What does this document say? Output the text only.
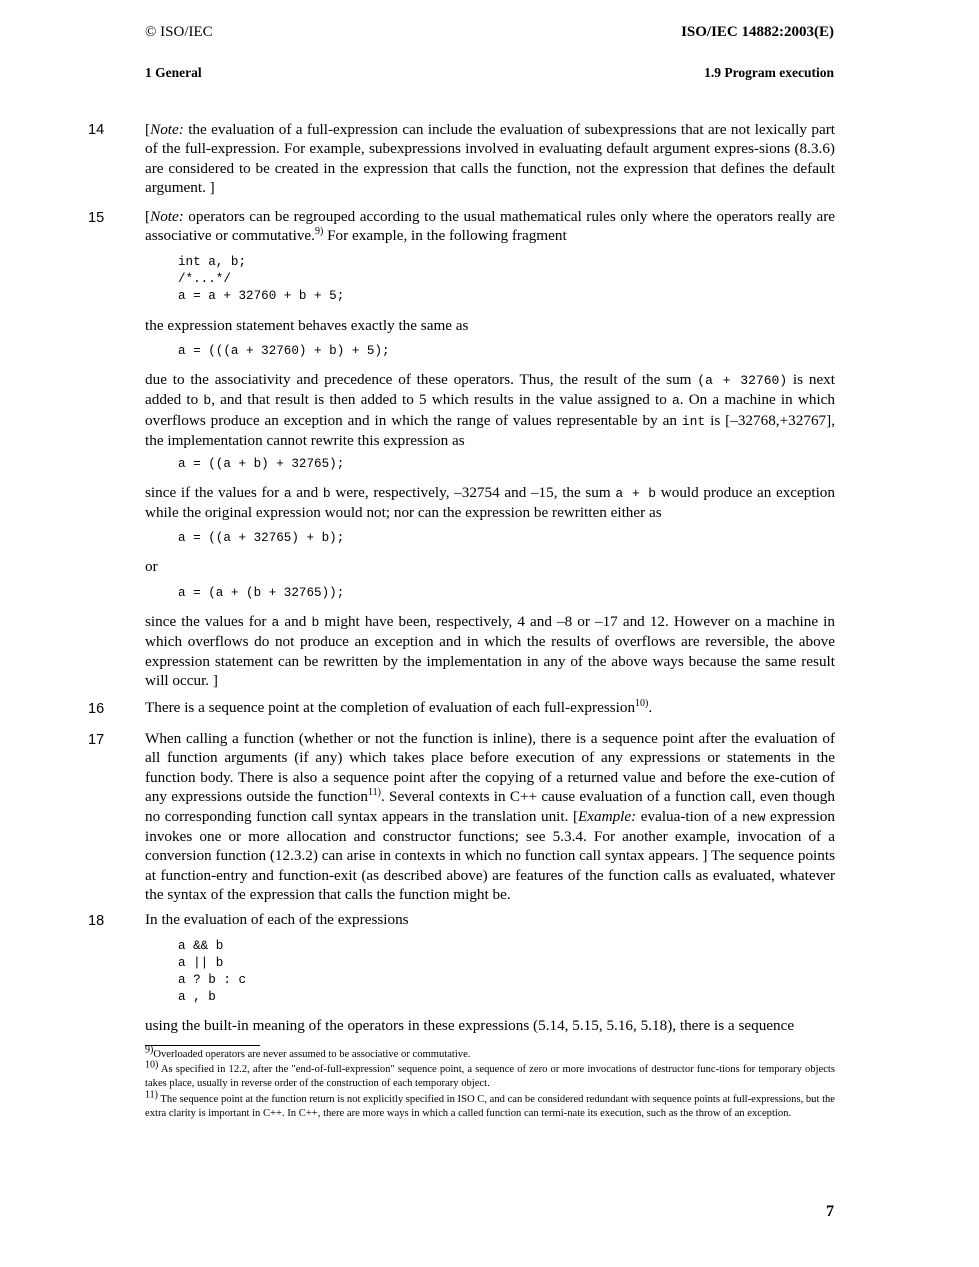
© ISO/IEC	ISO/IEC 14882:2003(E)
1 General	1.9 Program execution
14	[Note: the evaluation of a full-expression can include the evaluation of subexpressions that are not lexically part of the full-expression. For example, subexpressions involved in evaluating default argument expres-sions (8.3.6) are considered to be created in the expression that calls the function, not the expression that defines the default argument. ]
15	[Note: operators can be regrouped according to the usual mathematical rules only where the operators really are associative or commutative.$^{9)}$ For example, in the following fragment
int a, b;
/*...*/
a = a + 32760 + b + 5;
the expression statement behaves exactly the same as
a = (((a + 32760) + b) + 5);
due to the associativity and precedence of these operators. Thus, the result of the sum (a + 32760) is next added to b, and that result is then added to 5 which results in the value assigned to a. On a machine in which overflows produce an exception and in which the range of values representable by an int is [–32768,+32767], the implementation cannot rewrite this expression as
a = ((a + b) + 32765);
since if the values for a and b were, respectively, –32754 and –15, the sum a + b would produce an exception while the original expression would not; nor can the expression be rewritten either as
a = ((a + 32765) + b);
or
a = (a + (b + 32765));
since the values for a and b might have been, respectively, 4 and –8 or –17 and 12. However on a machine in which overflows do not produce an exception and in which the results of overflows are reversible, the above expression statement can be rewritten by the implementation in any of the above ways because the same result will occur. ]
16	There is a sequence point at the completion of evaluation of each full-expression$^{10)}$.
17	When calling a function (whether or not the function is inline), there is a sequence point after the evaluation of all function arguments (if any) which takes place before execution of any expressions or statements in the function body. There is also a sequence point after the copying of a returned value and before the exe-cution of any expressions outside the function$^{11)}$. Several contexts in C++ cause evaluation of a function call, even though no corresponding function call syntax appears in the translation unit. [Example: evalua-tion of a new expression invokes one or more allocation and constructor functions; see 5.3.4. For another example, invocation of a conversion function (12.3.2) can arise in contexts in which no function call syntax appears. ] The sequence points at function-entry and function-exit (as described above) are features of the function calls as evaluated, whatever the syntax of the expression that calls the function might be.
18	In the evaluation of each of the expressions
a && b
a || b
a ? b : c
a , b
using the built-in meaning of the operators in these expressions (5.14, 5.15, 5.16, 5.18), there is a sequence
$^{9)}$Overloaded operators are never assumed to be associative or commutative.
$^{10)}$ As specified in 12.2, after the "end-of-full-expression" sequence point, a sequence of zero or more invocations of destructor func-tions for temporary objects takes place, usually in reverse order of the construction of each temporary object.
$^{11)}$ The sequence point at the function return is not explicitly specified in ISO C, and can be considered redundant with sequence points at full-expressions, but the extra clarity is important in C++. In C++, there are more ways in which a called function can termi-nate its execution, such as the throw of an exception.
7
